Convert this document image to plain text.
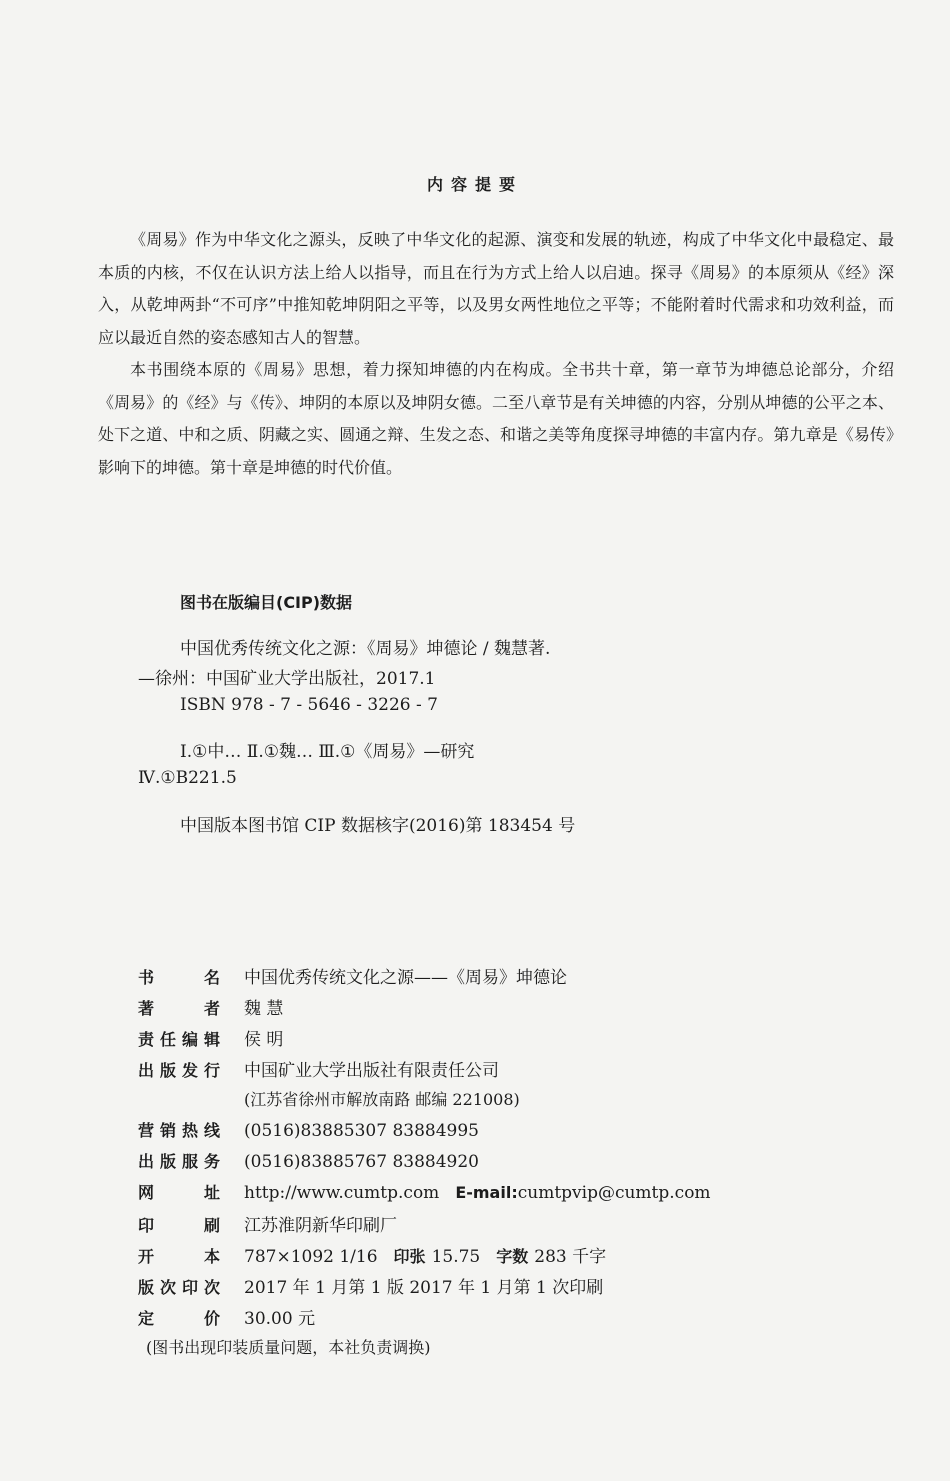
内容提要

《周易》作为中华文化之源头，反映了中华文化的起源、演变和发展的轨迹，构成了中华文化中最稳定、最本质的内核，不仅在认识方法上给人以指导，而且在行为方式上给人以启迪。探寻《周易》的本原须从《经》深入，从乾坤两卦“不可序”中推知乾坤阴阳之平等，以及男女两性地位之平等；不能附着时代需求和功效利益，而应以最近自然的姿态感知古人的智慧。

本书围绕本原的《周易》思想，着力探知坤德的内在构成。全书共十章，第一章节为坤德总论部分，介绍《周易》的《经》与《传》、坤阴的本原以及坤阴女德。二至八章节是有关坤德的内容，分别从坤德的公平之本、处下之道、中和之质、阴藏之实、圆通之辩、生发之态、和谐之美等角度探寻坤德的丰富内存。第九章是《易传》影响下的坤德。第十章是坤德的时代价值。

图书在版编目(CIP)数据
中国优秀传统文化之源：《周易》坤德论 / 魏慧著.
—徐州：中国矿业大学出版社，2017.1
ISBN 978 - 7 - 5646 - 3226 - 7
Ⅰ.①中… Ⅱ.①魏… Ⅲ.①《周易》—研究
Ⅳ.①B221.5
中国版本图书馆 CIP 数据核字(2016)第 183454 号
书名 中国优秀传统文化之源——《周易》坤德论
著者 魏 慧
责任编辑 侯 明
出版发行 中国矿业大学出版社有限责任公司
(江苏省徐州市解放南路 邮编 221008)
营销热线 (0516)83885307 83884995
出版服务 (0516)83885767 83884920
网址 http://www.cumtp.com E-mail : cumtpvip@cumtp.com
印刷 江苏淮阴新华印刷厂
开本 787×1092 1/16 印张 15.75 字数 283 千字
版次印次 2017 年 1 月第 1 版 2017 年 1 月第 1 次印刷
定价 30.00 元
(图书出现印装质量问题，本社负责调换)
